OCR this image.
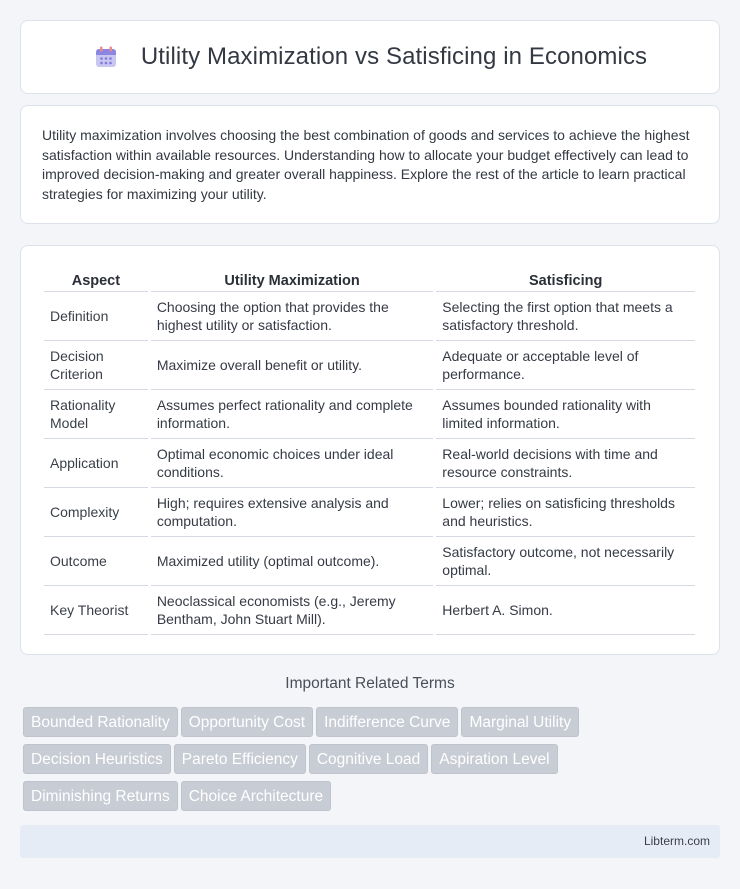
Utility Maximization vs Satisficing in Economics

Utility maximization involves choosing the best combination of goods and services to achieve the highest satisfaction within available resources. Understanding how to allocate your budget effectively can lead to improved decision-making and greater overall happiness. Explore the rest of the article to learn practical strategies for maximizing your utility.

Aspect	Utility Maximization	Satisficing
Definition	Choosing the option that provides the highest utility or satisfaction.	Selecting the first option that meets a satisfactory threshold.
Decision Criterion	Maximize overall benefit or utility.	Adequate or acceptable level of performance.
Rationality Model	Assumes perfect rationality and complete information.	Assumes bounded rationality with limited information.
Application	Optimal economic choices under ideal conditions.	Real-world decisions with time and resource constraints.
Complexity	High; requires extensive analysis and computation.	Lower; relies on satisficing thresholds and heuristics.
Outcome	Maximized utility (optimal outcome).	Satisfactory outcome, not necessarily optimal.
Key Theorist	Neoclassical economists (e.g., Jeremy Bentham, John Stuart Mill).	Herbert A. Simon.
Important Related Terms
Bounded Rationality Opportunity Cost Indifference Curve Marginal Utility
Decision Heuristics Pareto Efficiency Cognitive Load Aspiration Level
Diminishing Returns Choice Architecture
Libterm.com
